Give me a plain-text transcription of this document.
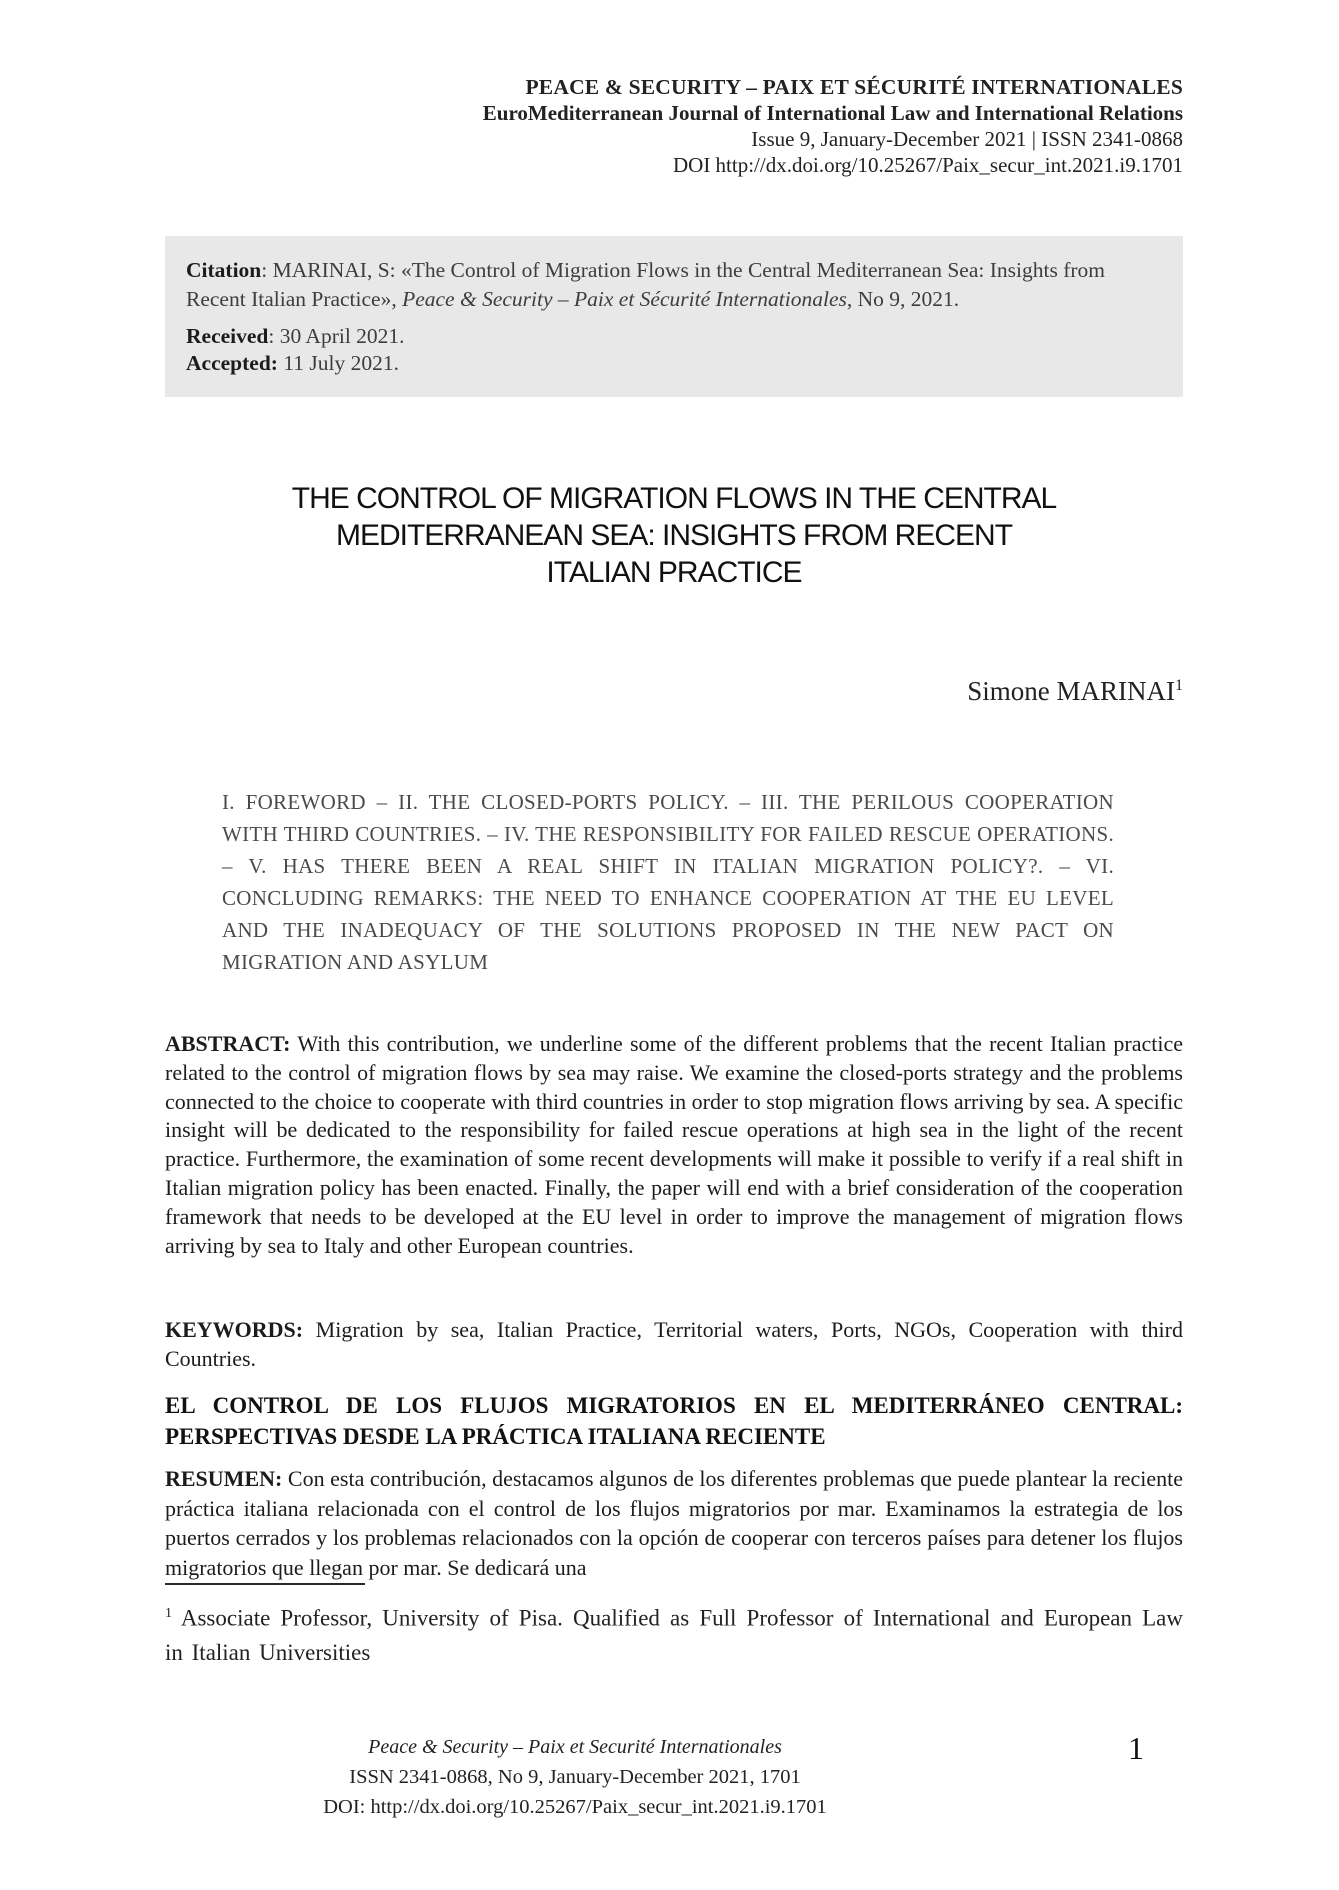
PEACE & SECURITY – PAIX ET SÉCURITÉ INTERNATIONALES
EuroMediterranean Journal of International Law and International Relations
Issue 9, January-December 2021 | ISSN 2341-0868
DOI http://dx.doi.org/10.25267/Paix_secur_int.2021.i9.1701
Citation: MARINAI, S: «The Control of Migration Flows in the Central Mediterranean Sea: Insights from Recent Italian Practice», Peace & Security – Paix et Sécurité Internationales, No 9, 2021.
Received: 30 April 2021.
Accepted: 11 July 2021.
THE CONTROL OF MIGRATION FLOWS IN THE CENTRAL MEDITERRANEAN SEA: INSIGHTS FROM RECENT ITALIAN PRACTICE
Simone MARINAI$^1$
I. FOREWORD – II. THE CLOSED-PORTS POLICY. – III. THE PERILOUS COOPERATION WITH THIRD COUNTRIES. – IV. THE RESPONSIBILITY FOR FAILED RESCUE OPERATIONS. – V. HAS THERE BEEN A REAL SHIFT IN ITALIAN MIGRATION POLICY?. – VI. CONCLUDING REMARKS: THE NEED TO ENHANCE COOPERATION AT THE EU LEVEL AND THE INADEQUACY OF THE SOLUTIONS PROPOSED IN THE NEW PACT ON MIGRATION AND ASYLUM
ABSTRACT: With this contribution, we underline some of the different problems that the recent Italian practice related to the control of migration flows by sea may raise. We examine the closed-ports strategy and the problems connected to the choice to cooperate with third countries in order to stop migration flows arriving by sea. A specific insight will be dedicated to the responsibility for failed rescue operations at high sea in the light of the recent practice. Furthermore, the examination of some recent developments will make it possible to verify if a real shift in Italian migration policy has been enacted. Finally, the paper will end with a brief consideration of the cooperation framework that needs to be developed at the EU level in order to improve the management of migration flows arriving by sea to Italy and other European countries.
KEYWORDS: Migration by sea, Italian Practice, Territorial waters, Ports, NGOs, Cooperation with third Countries.
EL CONTROL DE LOS FLUJOS MIGRATORIOS EN EL MEDITERRÁNEO CENTRAL: PERSPECTIVAS DESDE LA PRÁCTICA ITALIANA RECIENTE
RESUMEN: Con esta contribución, destacamos algunos de los diferentes problemas que puede plantear la reciente práctica italiana relacionada con el control de los flujos migratorios por mar. Examinamos la estrategia de los puertos cerrados y los problemas relacionados con la opción de cooperar con terceros países para detener los flujos migratorios que llegan por mar. Se dedicará una
$^1$ Associate Professor, University of Pisa. Qualified as Full Professor of International and European Law in Italian Universities
Peace & Security – Paix et Securité Internationales
ISSN 2341-0868, No 9, January-December 2021, 1701
DOI: http://dx.doi.org/10.25267/Paix_secur_int.2021.i9.1701
1
